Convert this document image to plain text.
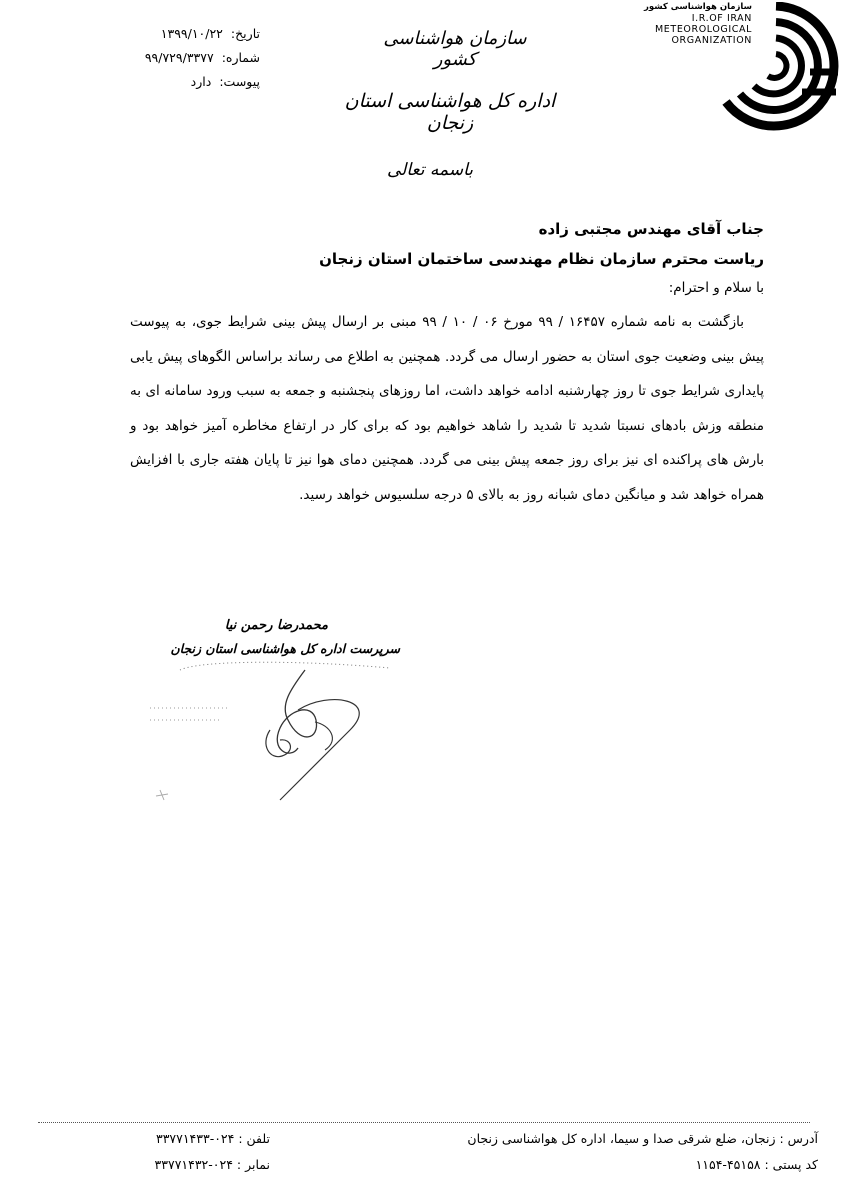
سازمان هواشناسی کشور
I.R.OF IRAN
METEOROLOGICAL
ORGANIZATION
سازمان هواشناسی کشور
اداره کل هواشناسی استان زنجان
باسمه تعالی
تاریخ:
۱۳۹۹/۱۰/۲۲
شماره:
۹۹/۷۲۹/۳۳۷۷
پیوست:
دارد
جناب آقای مهندس مجتبی زاده
ریاست محترم سازمان نظام مهندسی ساختمان استان زنجان
با سلام و احترام:
بازگشت به نامه شماره ۱۶۴۵۷ / ۹۹ مورخ ۰۶ / ۱۰ / ۹۹ مبنی بر ارسال پیش بینی شرایط جوی، به پیوست پیش بینی وضعیت جوی استان به حضور ارسال می گردد. همچنین به اطلاع می رساند براساس الگوهای پیش یابی پایداری شرایط جوی تا روز چهارشنبه ادامه خواهد داشت، اما روزهای پنجشنبه و جمعه به سبب ورود سامانه ای به منطقه وزش بادهای نسبتا شدید تا شدید را شاهد خواهیم بود که برای کار در ارتفاع مخاطره آمیز خواهد بود و بارش های پراکنده ای نیز برای روز جمعه پیش بینی می گردد. همچنین دمای هوا نیز تا پایان هفته جاری با افزایش همراه خواهد شد و میانگین دمای شبانه روز به بالای ۵ درجه سلسیوس خواهد رسید.
محمدرضا رحمن نیا
سرپرست اداره کل هواشناسی استان زنجان
آدرس : زنجان، ضلع شرقی صدا و سیما، اداره کل هواشناسی زنجان
تلفن : ۰۲۴-۳۳۷۷۱۴۳۳
کد پستی : ۴۵۱۵۸-۱۱۵۴
نمابر : ۰۲۴-۳۳۷۷۱۴۳۲
